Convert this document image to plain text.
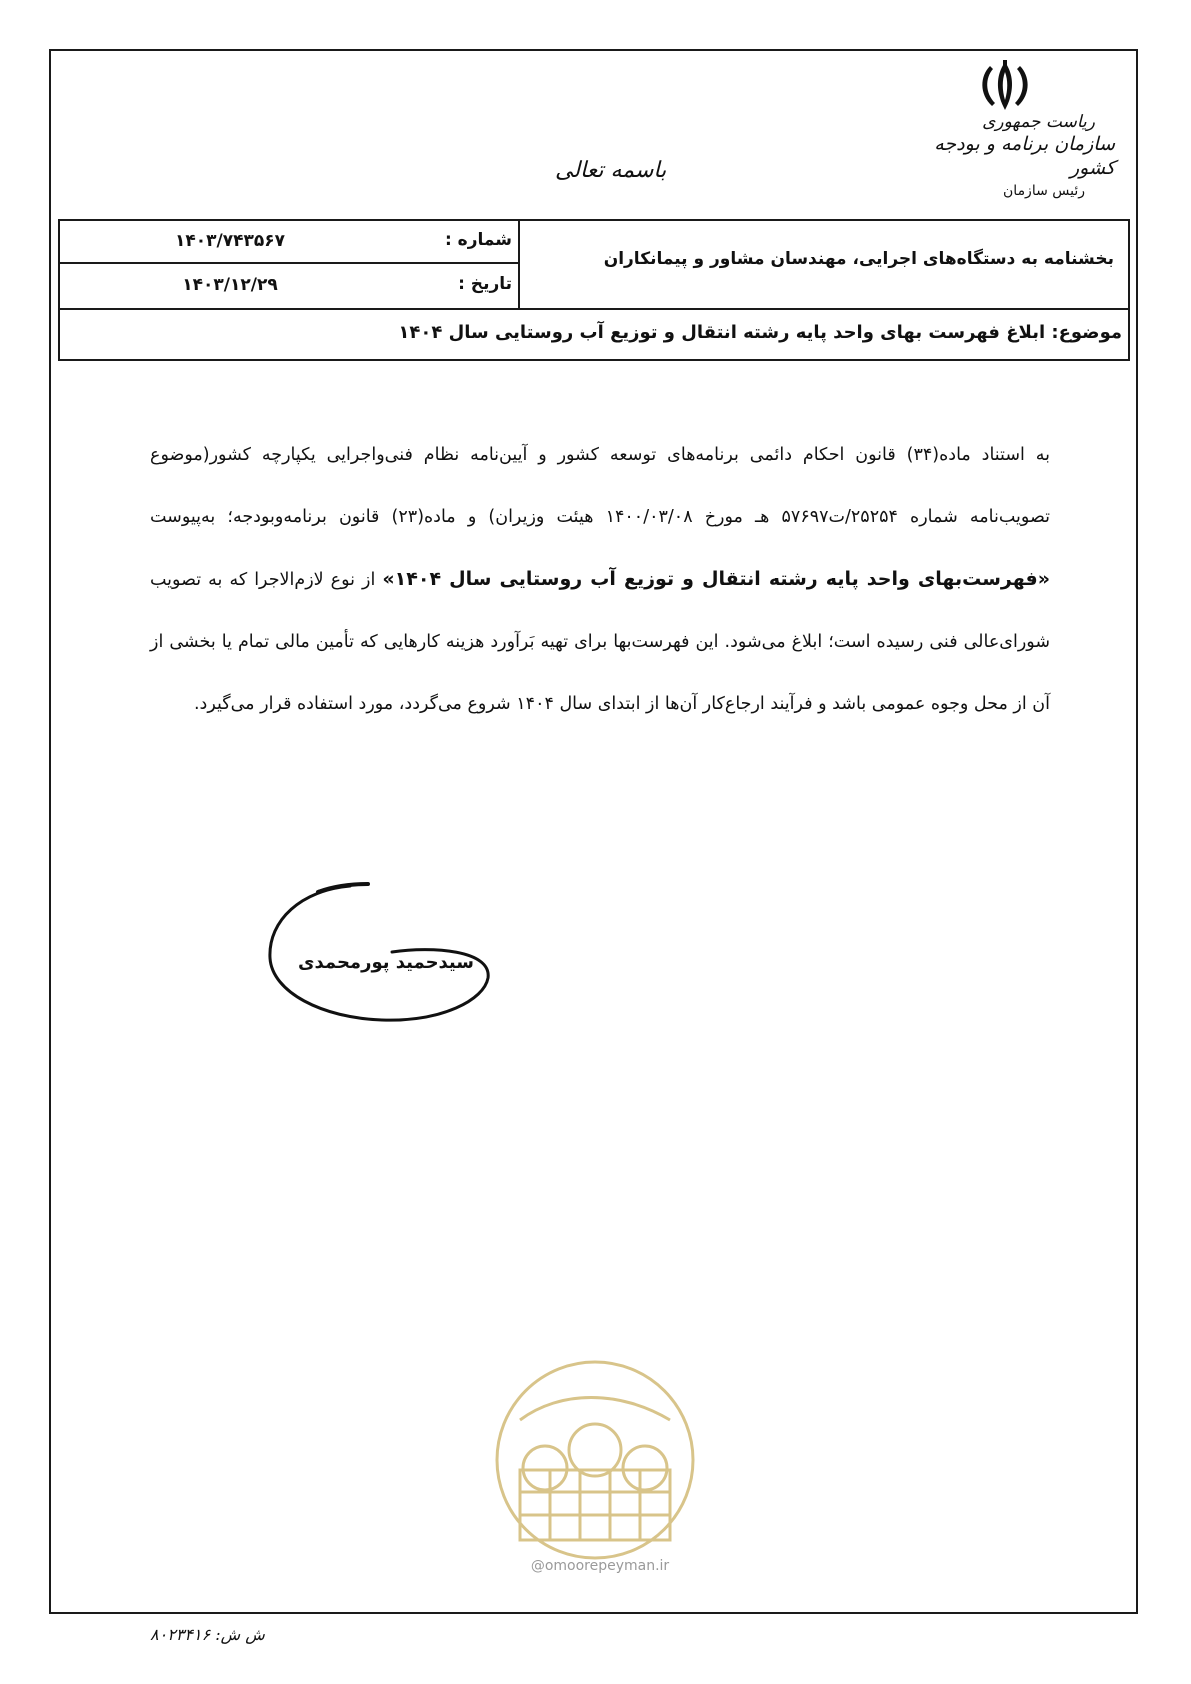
ریاست جمهوری
سازمان برنامه و بودجه کشور
رئیس سازمان
باسمه تعالی
۱۴۰۳/۷۴۳۵۶۷	شماره :
۱۴۰۳/۱۲/۲۹	تاریخ :
بخشنامه به دستگاه‌های اجرایی، مهندسان مشاور و پیمانکاران
موضوع: ابلاغ فهرست بهای واحد پایه رشته انتقال و توزیع آب روستایی سال ۱۴۰۴
به استناد ماده(۳۴) قانون احکام دائمی برنامه‌های توسعه کشور و آیین‌نامه نظام فنی‌واجرایی یکپارچه کشور(موضوع تصویب‌نامه شماره ۲۵۲۵۴/ت۵۷۶۹۷ هـ مورخ ۱۴۰۰/۰۳/۰۸ هیئت وزیران) و ماده(۲۳) قانون برنامه‌وبودجه؛ به‌پیوست «فهرست‌بهای واحد پایه رشته انتقال و توزیع آب روستایی سال ۱۴۰۴» از نوع لازم‌الاجرا که به تصویب شورای‌عالی فنی رسیده است؛ ابلاغ می‌شود. این فهرست‌بها برای تهیه بَرآورد هزینه کارهایی که تأمین مالی تمام یا بخشی از آن از محل وجوه عمومی باشد و فرآیند ارجاع‌کار آن‌ها از ابتدای سال ۱۴۰۴ شروع می‌گردد، مورد استفاده قرار می‌گیرد.
سیدحمید پورمحمدی
@omoorepeyman.ir
ش ش: ۸۰۲۳۴۱۶
